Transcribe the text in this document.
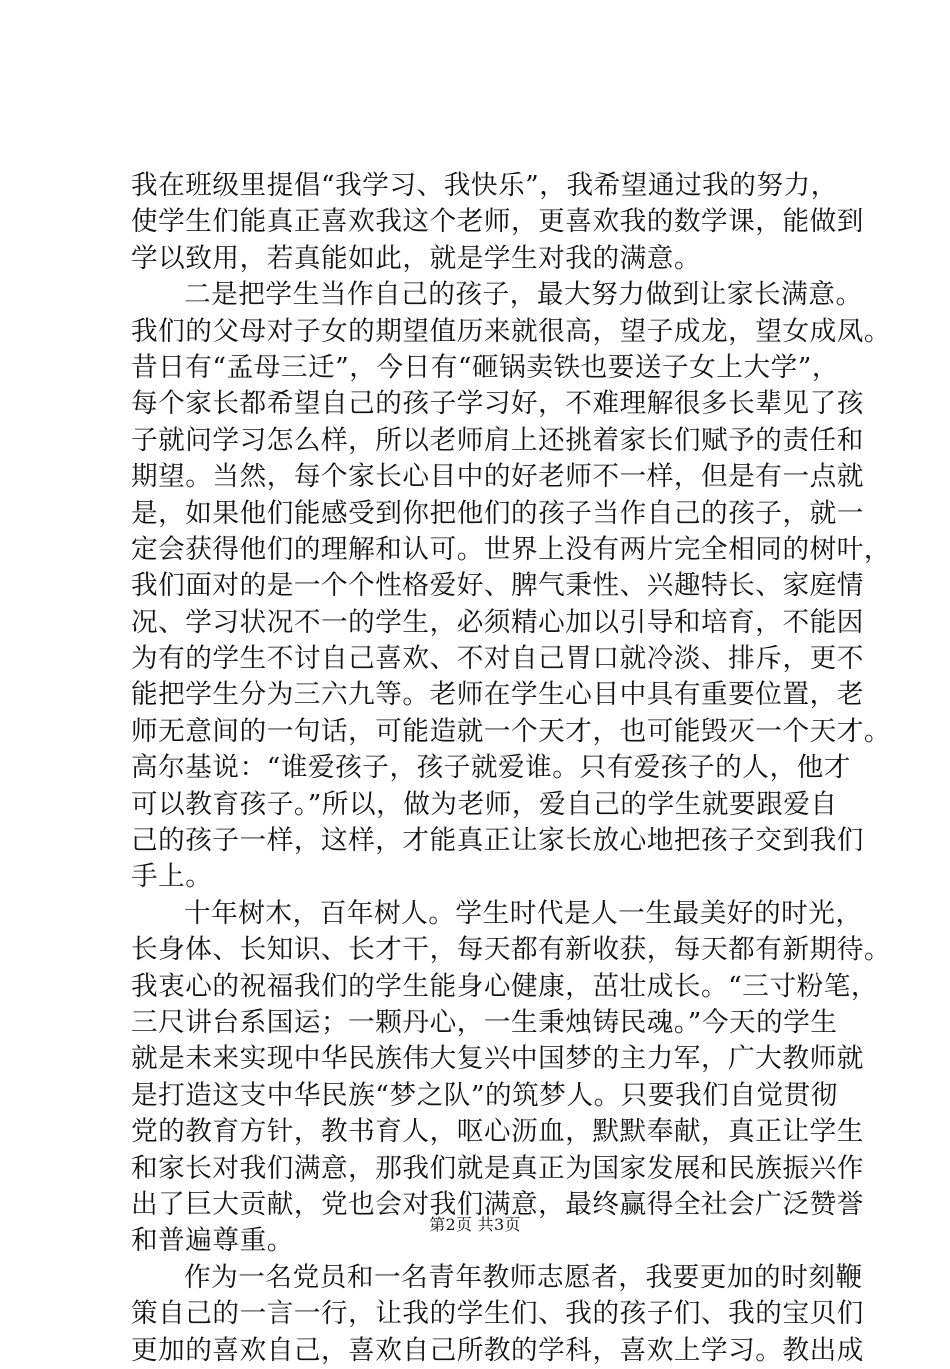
我在班级里提倡“我学习、我快乐”，我希望通过我的努力，
使学生们能真正喜欢我这个老师，更喜欢我的数学课，能做到
学以致用，若真能如此，就是学生对我的满意。
二是把学生当作自己的孩子，最大努力做到让家长满意。
我们的父母对子女的期望值历来就很高，望子成龙，望女成凤。
昔日有“孟母三迁”，今日有“砸锅卖铁也要送子女上大学”，
每个家长都希望自己的孩子学习好，不难理解很多长辈见了孩
子就问学习怎么样，所以老师肩上还挑着家长们赋予的责任和
期望。当然，每个家长心目中的好老师不一样，但是有一点就
是，如果他们能感受到你把他们的孩子当作自己的孩子，就一
定会获得他们的理解和认可。世界上没有两片完全相同的树叶，
我们面对的是一个个性格爱好、脾气秉性、兴趣特长、家庭情
况、学习状况不一的学生，必须精心加以引导和培育，不能因
为有的学生不讨自己喜欢、不对自己胃口就冷淡、排斥，更不
能把学生分为三六九等。老师在学生心目中具有重要位置，老
师无意间的一句话，可能造就一个天才，也可能毁灭一个天才。
高尔基说：“谁爱孩子，孩子就爱谁。只有爱孩子的人，他才
可以教育孩子。”所以，做为老师，爱自己的学生就要跟爱自
己的孩子一样，这样，才能真正让家长放心地把孩子交到我们
手上。
十年树木，百年树人。学生时代是人一生最美好的时光，
长身体、长知识、长才干，每天都有新收获，每天都有新期待。
我衷心的祝福我们的学生能身心健康，茁壮成长。“三寸粉笔，
三尺讲台系国运；一颗丹心，一生秉烛铸民魂。”今天的学生
就是未来实现中华民族伟大复兴中国梦的主力军，广大教师就
是打造这支中华民族“梦之队”的筑梦人。只要我们自觉贯彻
党的教育方针，教书育人，呕心沥血，默默奉献，真正让学生
和家长对我们满意，那我们就是真正为国家发展和民族振兴作
出了巨大贡献，党也会对我们满意，最终赢得全社会广泛赞誉
和普遍尊重。
作为一名党员和一名青年教师志愿者，我要更加的时刻鞭
策自己的一言一行，让我的学生们、我的孩子们、我的宝贝们
更加的喜欢自己，喜欢自己所教的学科，喜欢上学习。教出成
第2页 共3页
